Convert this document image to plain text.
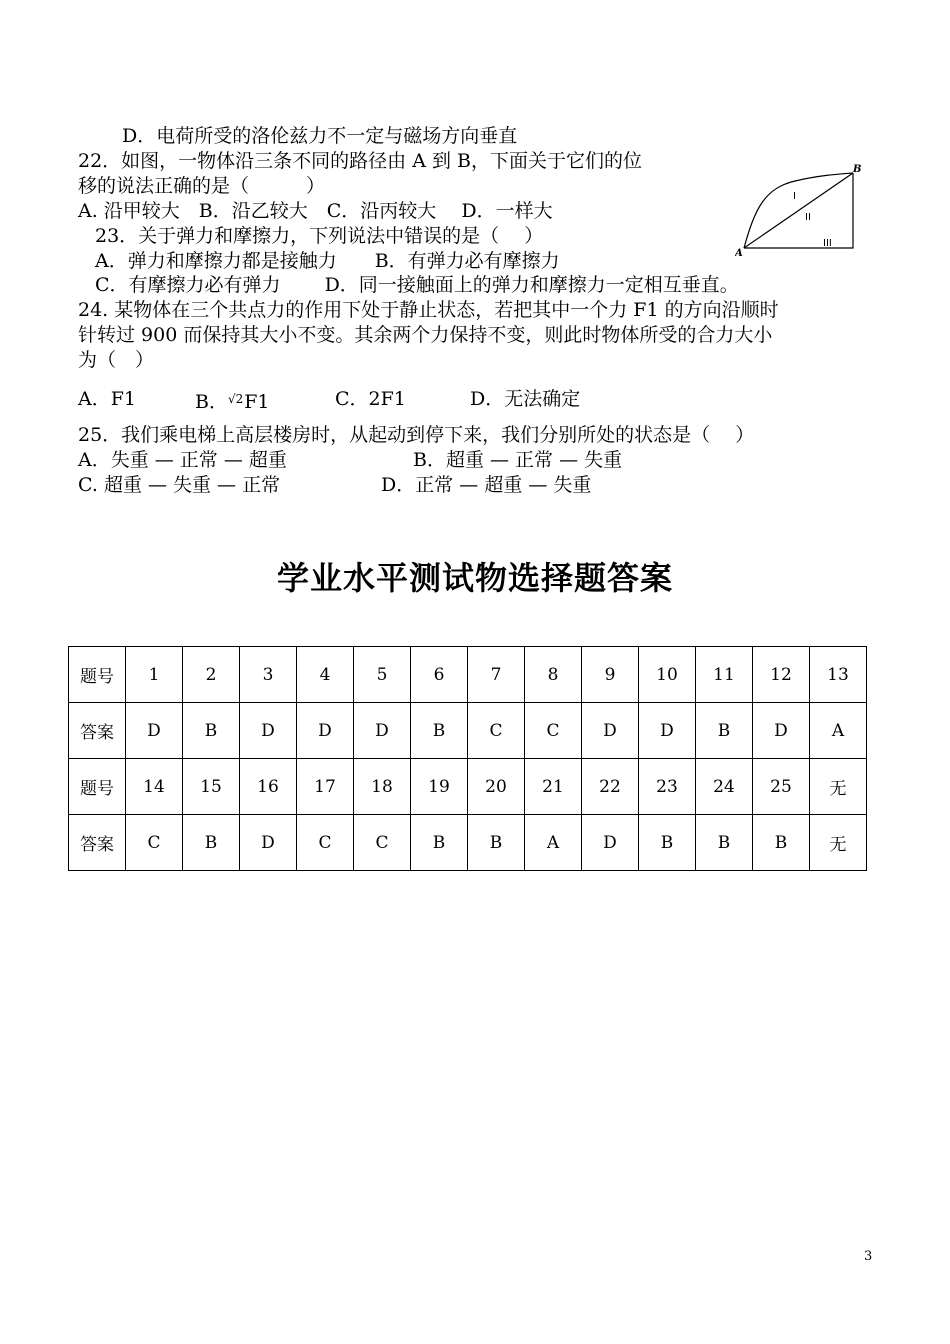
D．电荷所受的洛伦兹力不一定与磁场方向垂直
22．如图，一物体沿三条不同的路径由 A 到 B，下面关于它们的位
移的说法正确的是（　　　）
A. 沿甲较大　B．沿乙较大　C．沿丙较大　 D．一样大
A
B
I
II
III
23．关于弹力和摩擦力，下列说法中错误的是（　 ）
A．弹力和摩擦力都是接触力　　B．有弹力必有摩擦力
C．有摩擦力必有弹力　　 D．同一接触面上的弹力和摩擦力一定相互垂直。
24. 某物体在三个共点力的作用下处于静止状态，若把其中一个力 F1 的方向沿顺时
针转过 900 而保持其大小不变。其余两个力保持不变，则此时物体所受的合力大小
为（　）
A．F1	B．$^{√2}$F1	C．2F1	D．无法确定
25．我们乘电梯上高层楼房时，从起动到停下来，我们分别所处的状态是（　 ）
A．失重 — 正常 — 超重	B．超重 — 正常 — 失重
C. 超重 — 失重 — 正常	D．正常 — 超重 — 失重
学业水平测试物选择题答案
题号	1	2	3	4	5	6	7	8	9	10	11	12	13
答案	D	B	D	D	D	B	C	C	D	D	B	D	A
题号	14	15	16	17	18	19	20	21	22	23	24	25	无
答案	C	B	D	C	C	B	B	A	D	B	B	B	无
3
